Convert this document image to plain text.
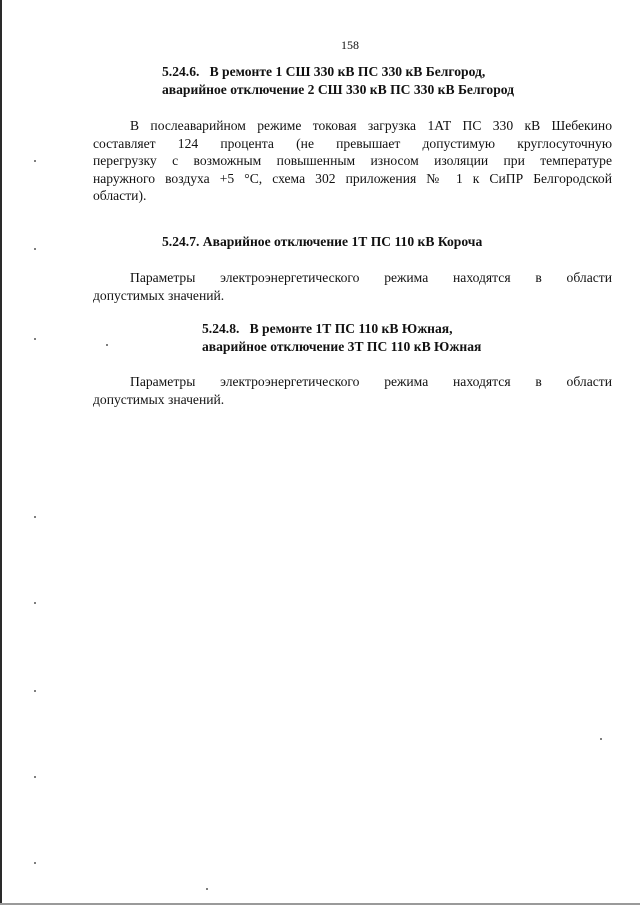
158
5.24.6.   В ремонте 1 СШ 330 кВ ПС 330 кВ Белгород,
аварийное отключение 2 СШ 330 кВ ПС 330 кВ Белгород
В послеаварийном режиме токовая загрузка 1АТ ПС 330 кВ Шебекино
составляет 124 процента (не превышает допустимую круглосуточную
перегрузку с возможным повышенным износом изоляции при температуре
наружного воздуха +5 °С, схема 302 приложения № 1 к СиПР Белгородской
области).
5.24.7. Аварийное отключение 1Т ПС 110 кВ Короча
Параметры электроэнергетического режима находятся в области
допустимых значений.
5.24.8.   В ремонте 1Т ПС 110 кВ Южная,
аварийное отключение 3Т ПС 110 кВ Южная
Параметры электроэнергетического режима находятся в области
допустимых значений.
